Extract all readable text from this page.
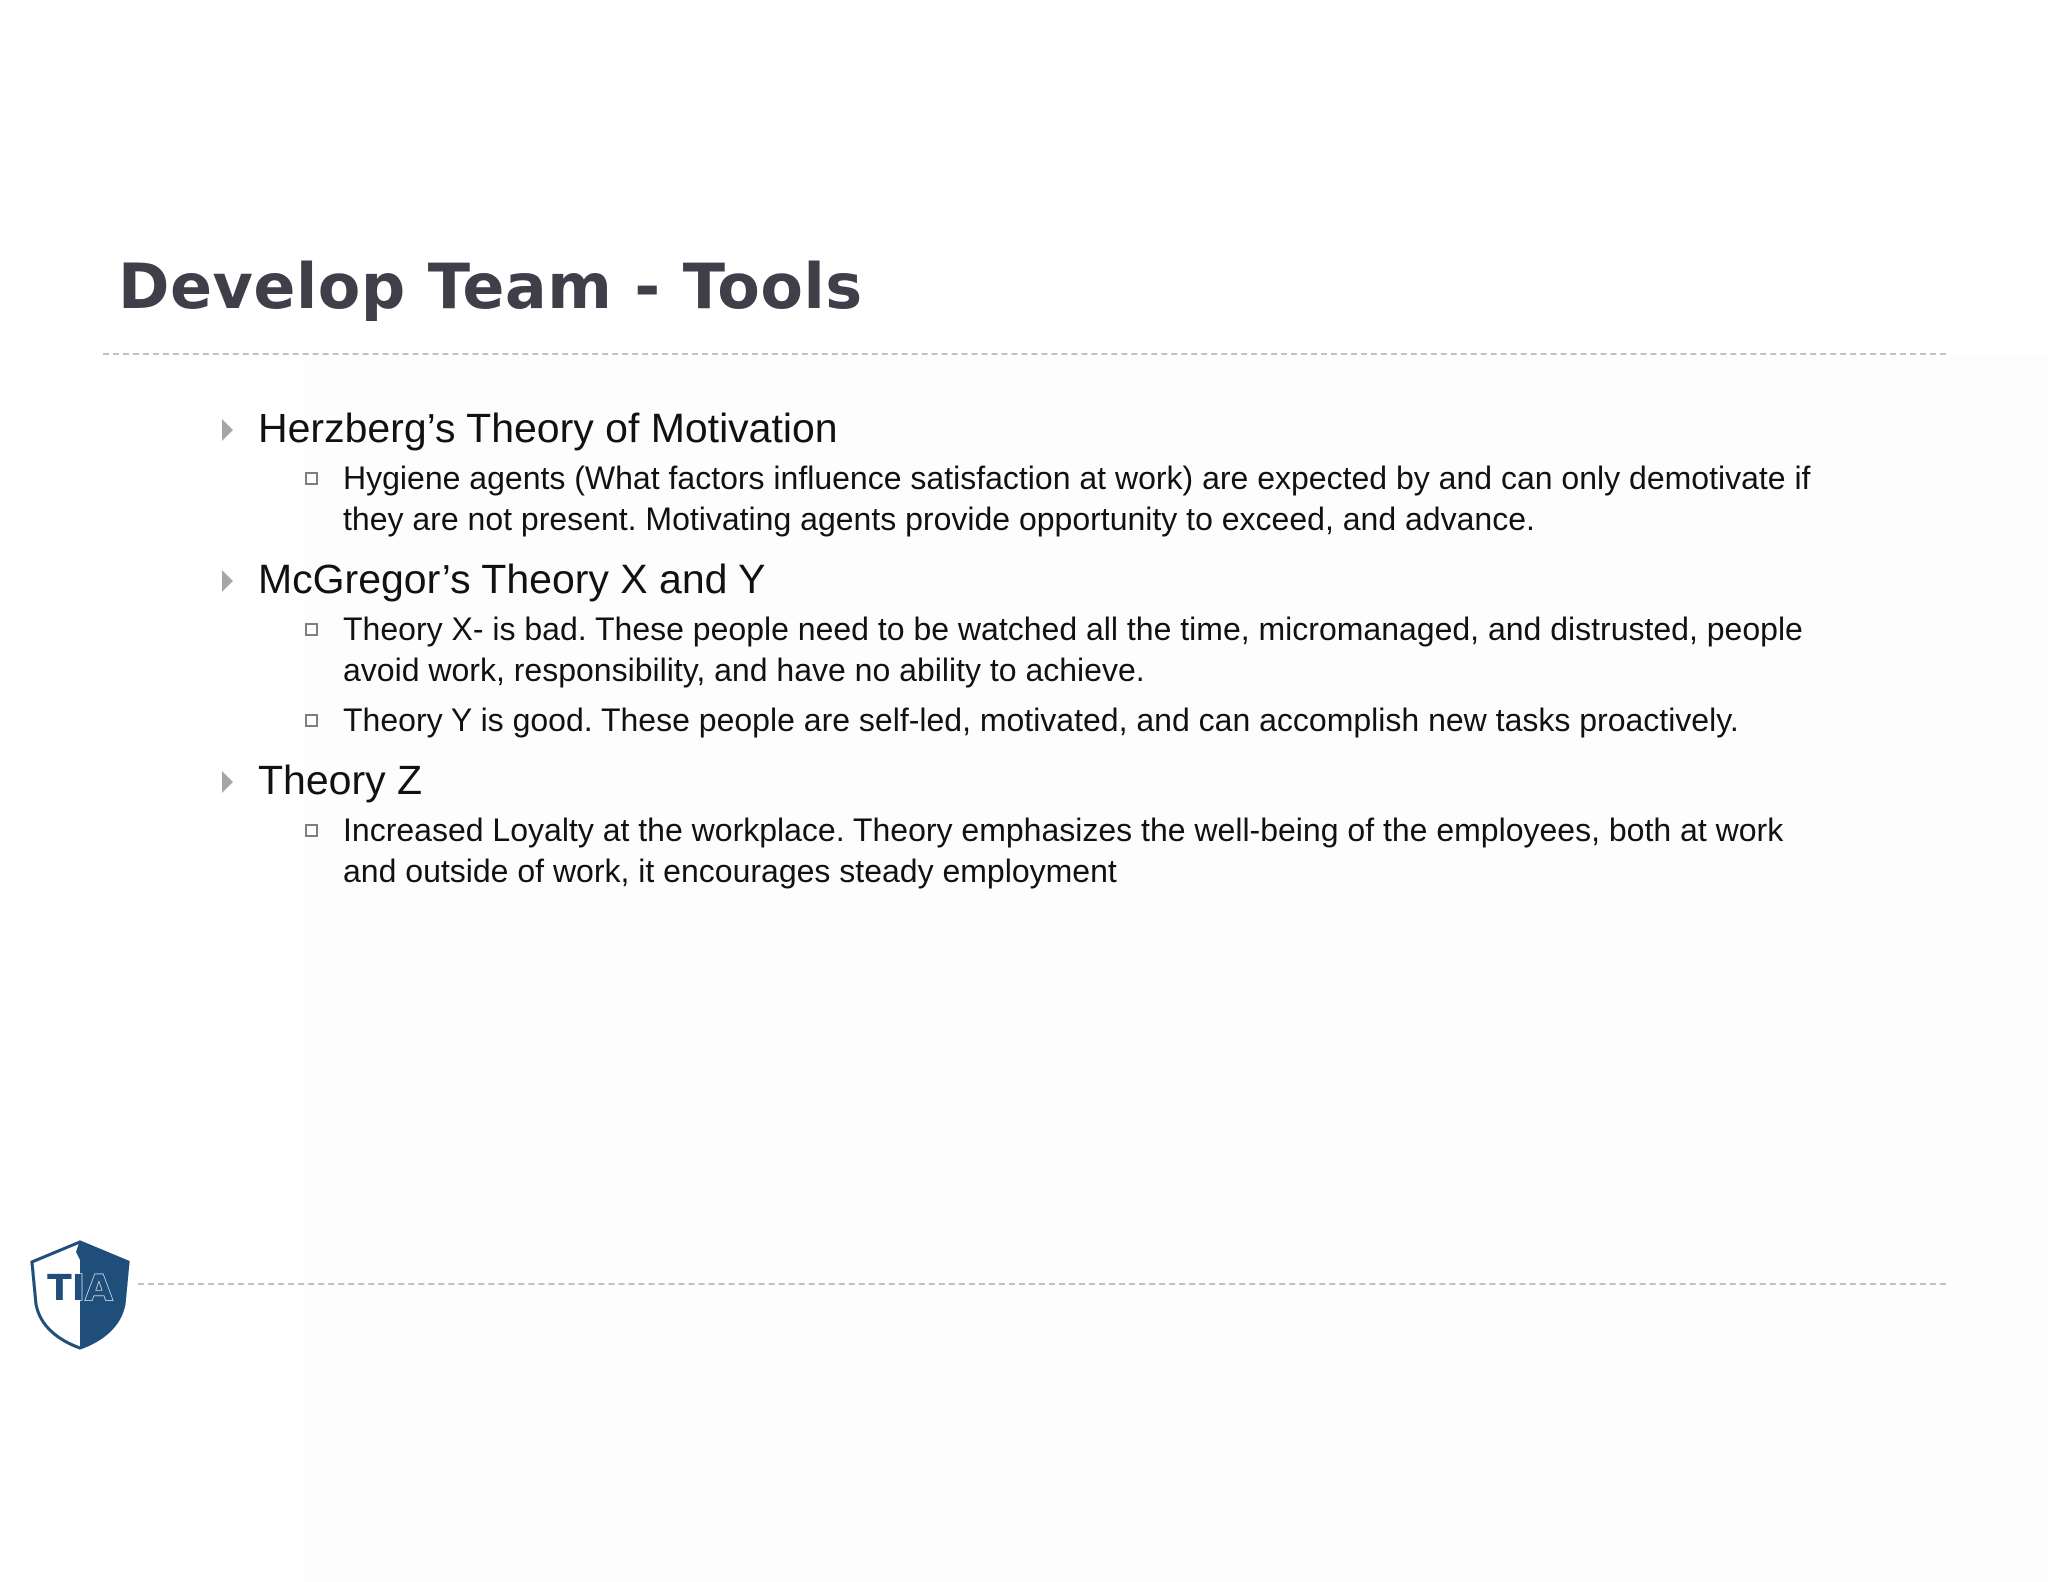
Develop Team - Tools
Herzberg’s Theory of Motivation
Hygiene agents (What factors influence satisfaction at work) are expected by and can only demotivate if they are not present. Motivating agents provide opportunity to exceed, and advance.
McGregor’s Theory X and Y
Theory X- is bad. These people need to be watched all the time, micromanaged, and distrusted, people avoid work, responsibility, and have no ability to achieve.
Theory Y is good. These people are self-led, motivated, and can accomplish new tasks proactively.
Theory Z
Increased Loyalty at the workplace. Theory emphasizes the well-being of the employees, both at work and outside of work, it encourages steady employment
TIA
